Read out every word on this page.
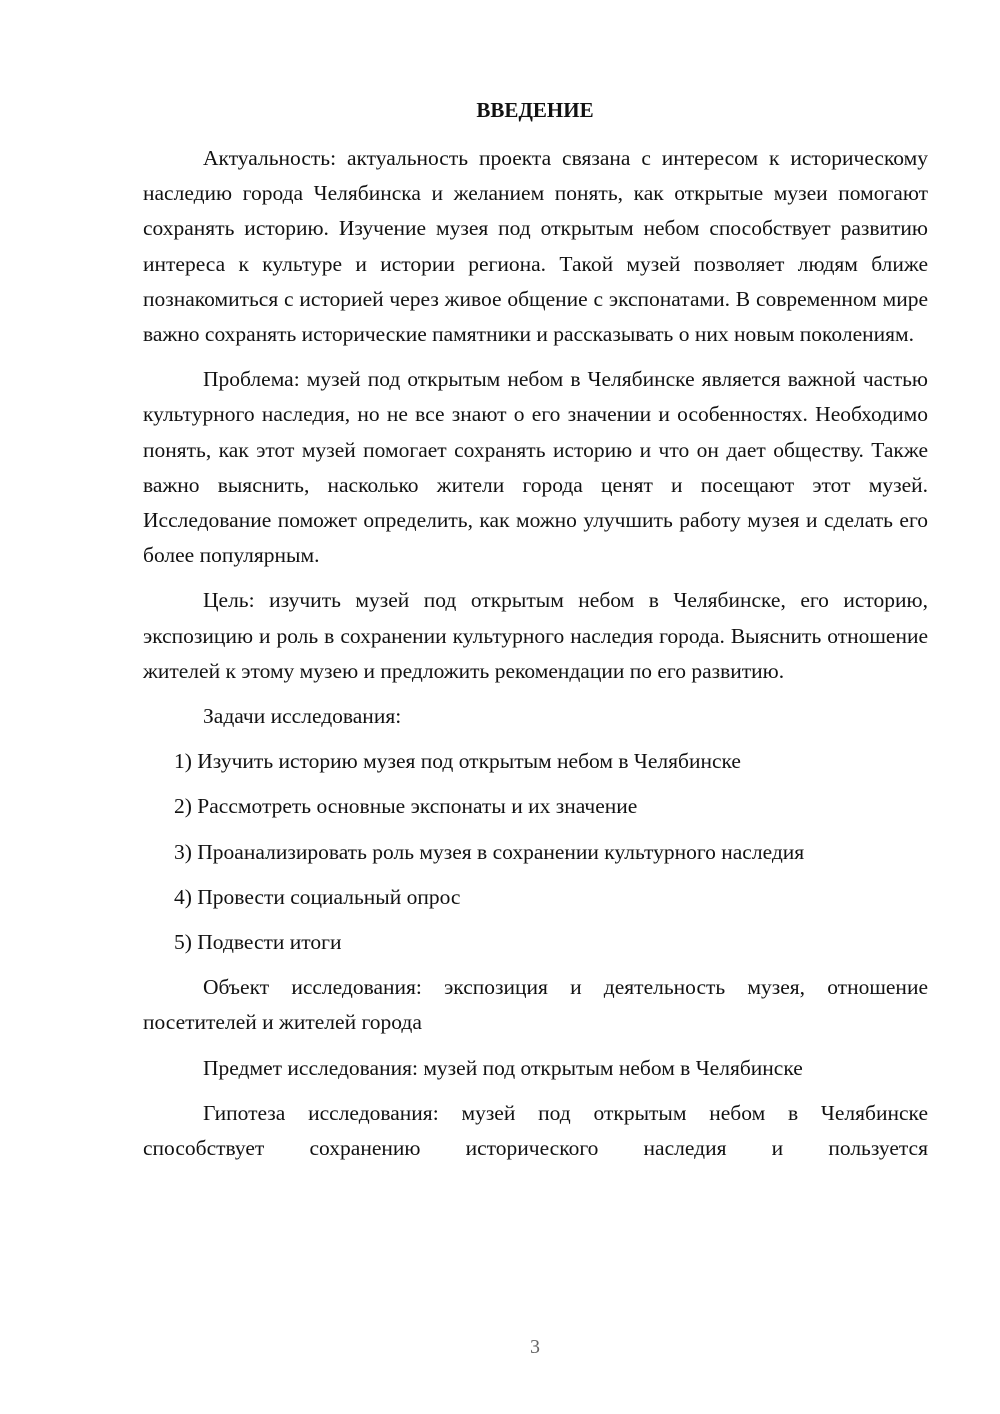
ВВЕДЕНИЕ

Актуальность: актуальность проекта связана с интересом к историческому наследию города Челябинска и желанием понять, как открытые музеи помогают сохранять историю. Изучение музея под открытым небом способствует развитию интереса к культуре и истории региона. Такой музей позволяет людям ближе познакомиться с историей через живое общение с экспонатами. В современном мире важно сохранять исторические памятники и рассказывать о них новым поколениям.

Проблема: музей под открытым небом в Челябинске является важной частью культурного наследия, но не все знают о его значении и особенностях. Необходимо понять, как этот музей помогает сохранять историю и что он дает обществу. Также важно выяснить, насколько жители города ценят и посещают этот музей. Исследование поможет определить, как можно улучшить работу музея и сделать его более популярным.

Цель: изучить музей под открытым небом в Челябинске, его историю, экспозицию и роль в сохранении культурного наследия города. Выяснить отношение жителей к этому музею и предложить рекомендации по его развитию.

Задачи исследования:

1) Изучить историю музея под открытым небом в Челябинске
2) Рассмотреть основные экспонаты и их значение
3) Проанализировать роль музея в сохранении культурного наследия
4) Провести социальный опрос
5) Подвести итоги

Объект исследования: экспозиция и деятельность музея, отношение посетителей и жителей города

Предмет исследования: музей под открытым небом в Челябинске

Гипотеза исследования: музей под открытым небом в Челябинске способствует сохранению исторического наследия и пользуется

3
